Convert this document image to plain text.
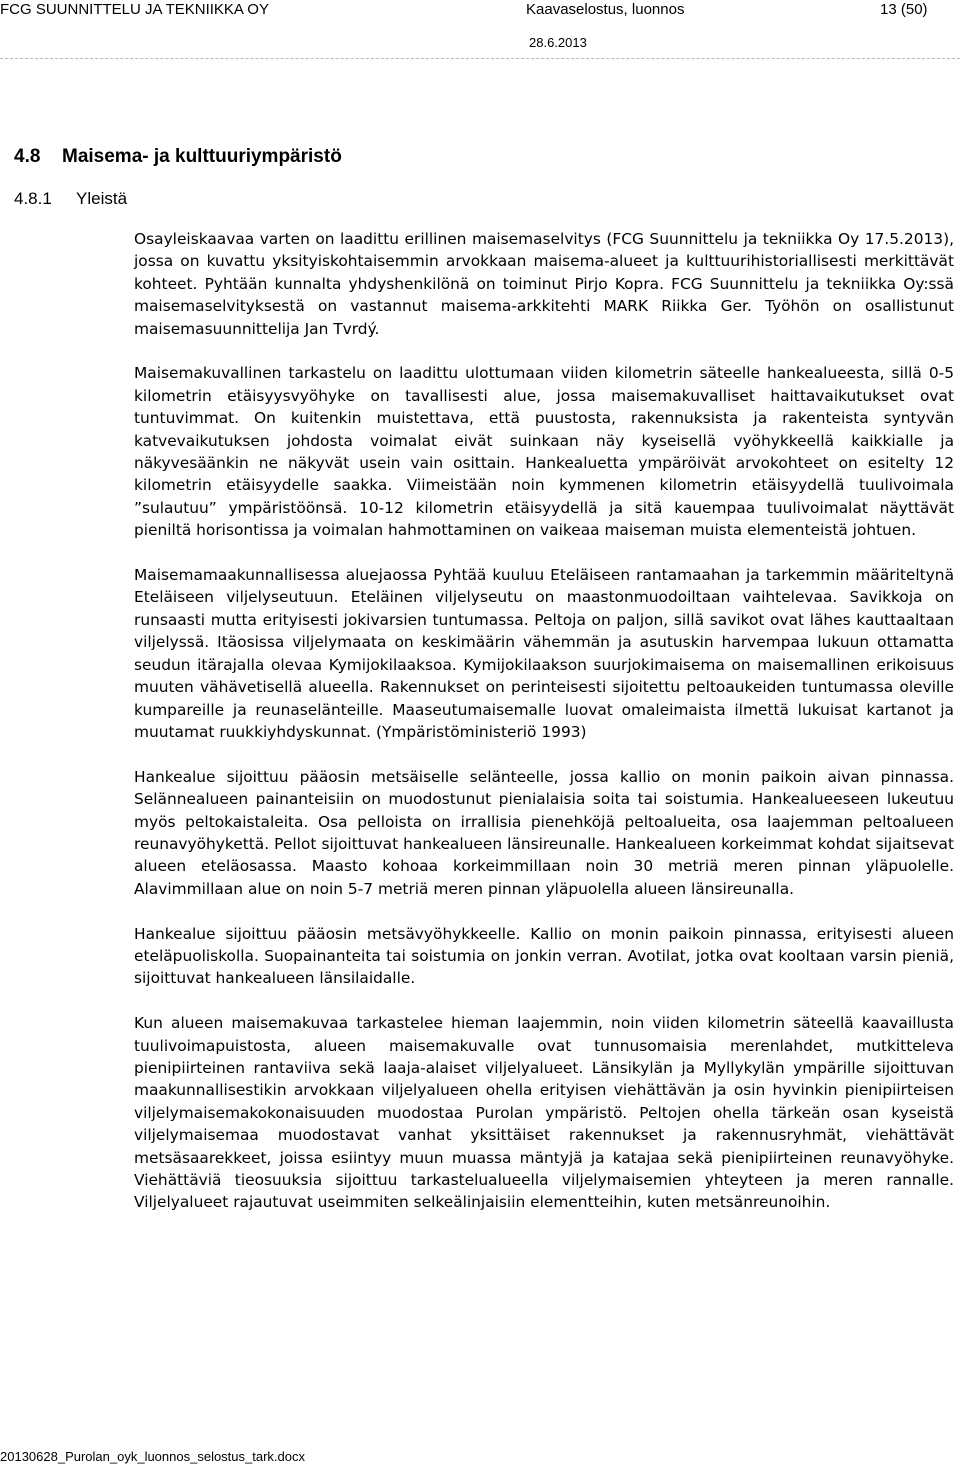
FCG SUUNNITTELU JA TEKNIIKKA OY	Kaavaselostus, luonnos	13 (50)
28.6.2013
4.8 Maisema- ja kulttuuriympäristö
4.8.1 Yleistä

Osayleiskaavaa varten on laadittu erillinen maisemaselvitys (FCG Suunnittelu ja tekniikka Oy 17.5.2013), jossa on kuvattu yksityiskohtaisemmin arvokkaan maisema-alueet ja kulttuurihistoriallisesti merkittävät kohteet. Pyhtään kunnalta yhdyshenkilönä on toiminut Pirjo Kopra. FCG Suunnittelu ja tekniikka Oy:ssä maisemaselvityksestä on vastannut maisema-arkkitehti MARK Riikka Ger. Työhön on osallistunut maisemasuunnittelija Jan Tvrdý.

Maisemakuvallinen tarkastelu on laadittu ulottumaan viiden kilometrin säteelle hankealueesta, sillä 0-5 kilometrin etäisyysvyöhyke on tavallisesti alue, jossa maisemakuvalliset haittavaikutukset ovat tuntuvimmat. On kuitenkin muistettava, että puustosta, rakennuksista ja rakenteista syntyvän katvevaikutuksen johdosta voimalat eivät suinkaan näy kyseisellä vyöhykkeellä kaikkialle ja näkyvesäänkin ne näkyvät usein vain osittain. Hankealuetta ympäröivät arvokohteet on esitelty 12 kilometrin etäisyydelle saakka. Viimeistään noin kymmenen kilometrin etäisyydellä tuulivoimala ”sulautuu” ympäristöönsä. 10-12 kilometrin etäisyydellä ja sitä kauempaa tuulivoimalat näyttävät pieniltä horisontissa ja voimalan hahmottaminen on vaikeaa maiseman muista elementeistä johtuen.

Maisemamaakunnallisessa aluejaossa Pyhtää kuuluu Eteläiseen rantamaahan ja tarkemmin määriteltynä Eteläiseen viljelyseutuun. Eteläinen viljelyseutu on maastonmuodoiltaan vaihtelevaa. Savikkoja on runsaasti mutta erityisesti jokivarsien tuntumassa. Peltoja on paljon, sillä savikot ovat lähes kauttaaltaan viljelyssä. Itäosissa viljelymaata on keskimäärin vähemmän ja asutuskin harvempaa lukuun ottamatta seudun itärajalla olevaa Kymijokilaaksoa. Kymijokilaakson suurjokimaisema on maisemallinen erikoisuus muuten vähävetisellä alueella. Rakennukset on perinteisesti sijoitettu peltoaukeiden tuntumassa oleville kumpareille ja reunaselänteille. Maaseutumaisemalle luovat omaleimaista ilmettä lukuisat kartanot ja muutamat ruukkiyhdyskunnat. (Ympäristöministeriö 1993)

Hankealue sijoittuu pääosin metsäiselle selänteelle, jossa kallio on monin paikoin aivan pinnassa. Selännealueen painanteisiin on muodostunut pienialaisia soita tai soistumia. Hankealueeseen lukeutuu myös peltokaistaleita. Osa pelloista on irrallisia pienehköjä peltoalueita, osa laajemman peltoalueen reunavyöhykettä. Pellot sijoittuvat hankealueen länsireunalle. Hankealueen korkeimmat kohdat sijaitsevat alueen eteläosassa. Maasto kohoaa korkeimmillaan noin 30 metriä meren pinnan yläpuolelle. Alavimmillaan alue on noin 5-7 metriä meren pinnan yläpuolella alueen länsireunalla.

Hankealue sijoittuu pääosin metsävyöhykkeelle. Kallio on monin paikoin pinnassa, erityisesti alueen eteläpuoliskolla. Suopainanteita tai soistumia on jonkin verran. Avotilat, jotka ovat kooltaan varsin pieniä, sijoittuvat hankealueen länsilaidalle.

Kun alueen maisemakuvaa tarkastelee hieman laajemmin, noin viiden kilometrin säteellä kaavaillusta tuulivoimapuistosta, alueen maisemakuvalle ovat tunnusomaisia merenlahdet, mutkitteleva pienipiirteinen rantaviiva sekä laaja-alaiset viljelyalueet. Länsikylän ja Myllykylän ympärille sijoittuvan maakunnallisestikin arvokkaan viljelyalueen ohella erityisen viehättävän ja osin hyvinkin pienipiirteisen viljelymaisemakokonaisuuden muodostaa Purolan ympäristö. Peltojen ohella tärkeän osan kyseistä viljelymaisemaa muodostavat vanhat yksittäiset rakennukset ja rakennusryhmät, viehättävät metsäsaarekkeet, joissa esiintyy muun muassa mäntyjä ja katajaa sekä pienipiirteinen reunavyöhyke. Viehättäviä tieosuuksia sijoittuu tarkastelualueella viljelymaisemien yhteyteen ja meren rannalle. Viljelyalueet rajautuvat useimmiten selkeälinjaisiin elementteihin, kuten metsänreunoihin.

20130628_Purolan_oyk_luonnos_selostus_tark.docx
